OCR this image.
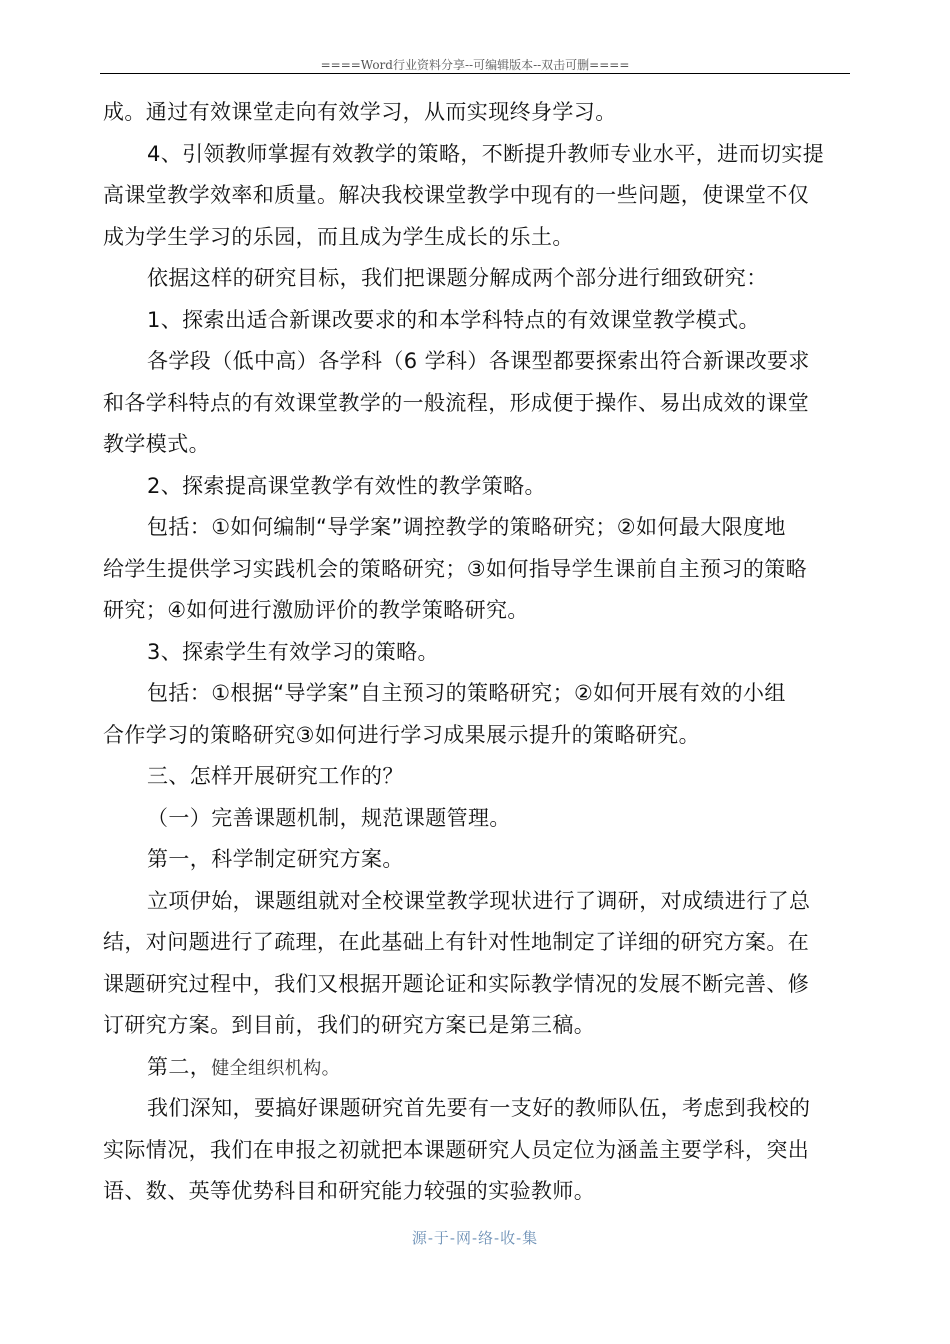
====Word行业资料分享--可编辑版本--双击可删====
成。通过有效课堂走向有效学习，从而实现终身学习。
4、引领教师掌握有效教学的策略，不断提升教师专业水平，进而切实提
高课堂教学效率和质量。解决我校课堂教学中现有的一些问题，使课堂不仅
成为学生学习的乐园，而且成为学生成长的乐土。
依据这样的研究目标，我们把课题分解成两个部分进行细致研究：
1、探索出适合新课改要求的和本学科特点的有效课堂教学模式。
各学段（低中高）各学科（6 学科）各课型都要探索出符合新课改要求
和各学科特点的有效课堂教学的一般流程，形成便于操作、易出成效的课堂
教学模式。
2、探索提高课堂教学有效性的教学策略。
包括：①如何编制“导学案”调控教学的策略研究；②如何最大限度地
给学生提供学习实践机会的策略研究；③如何指导学生课前自主预习的策略
研究；④如何进行激励评价的教学策略研究。
3、探索学生有效学习的策略。
包括：①根据“导学案”自主预习的策略研究；②如何开展有效的小组
合作学习的策略研究③如何进行学习成果展示提升的策略研究。
三、怎样开展研究工作的？
（一）完善课题机制，规范课题管理。
第一，科学制定研究方案。
立项伊始，课题组就对全校课堂教学现状进行了调研，对成绩进行了总
结，对问题进行了疏理，在此基础上有针对性地制定了详细的研究方案。在
课题研究过程中，我们又根据开题论证和实际教学情况的发展不断完善、修
订研究方案。到目前，我们的研究方案已是第三稿。
第二，健全组织机构。
我们深知，要搞好课题研究首先要有一支好的教师队伍，考虑到我校的
实际情况，我们在申报之初就把本课题研究人员定位为涵盖主要学科，突出
语、数、英等优势科目和研究能力较强的实验教师。
源-于-网-络-收-集
